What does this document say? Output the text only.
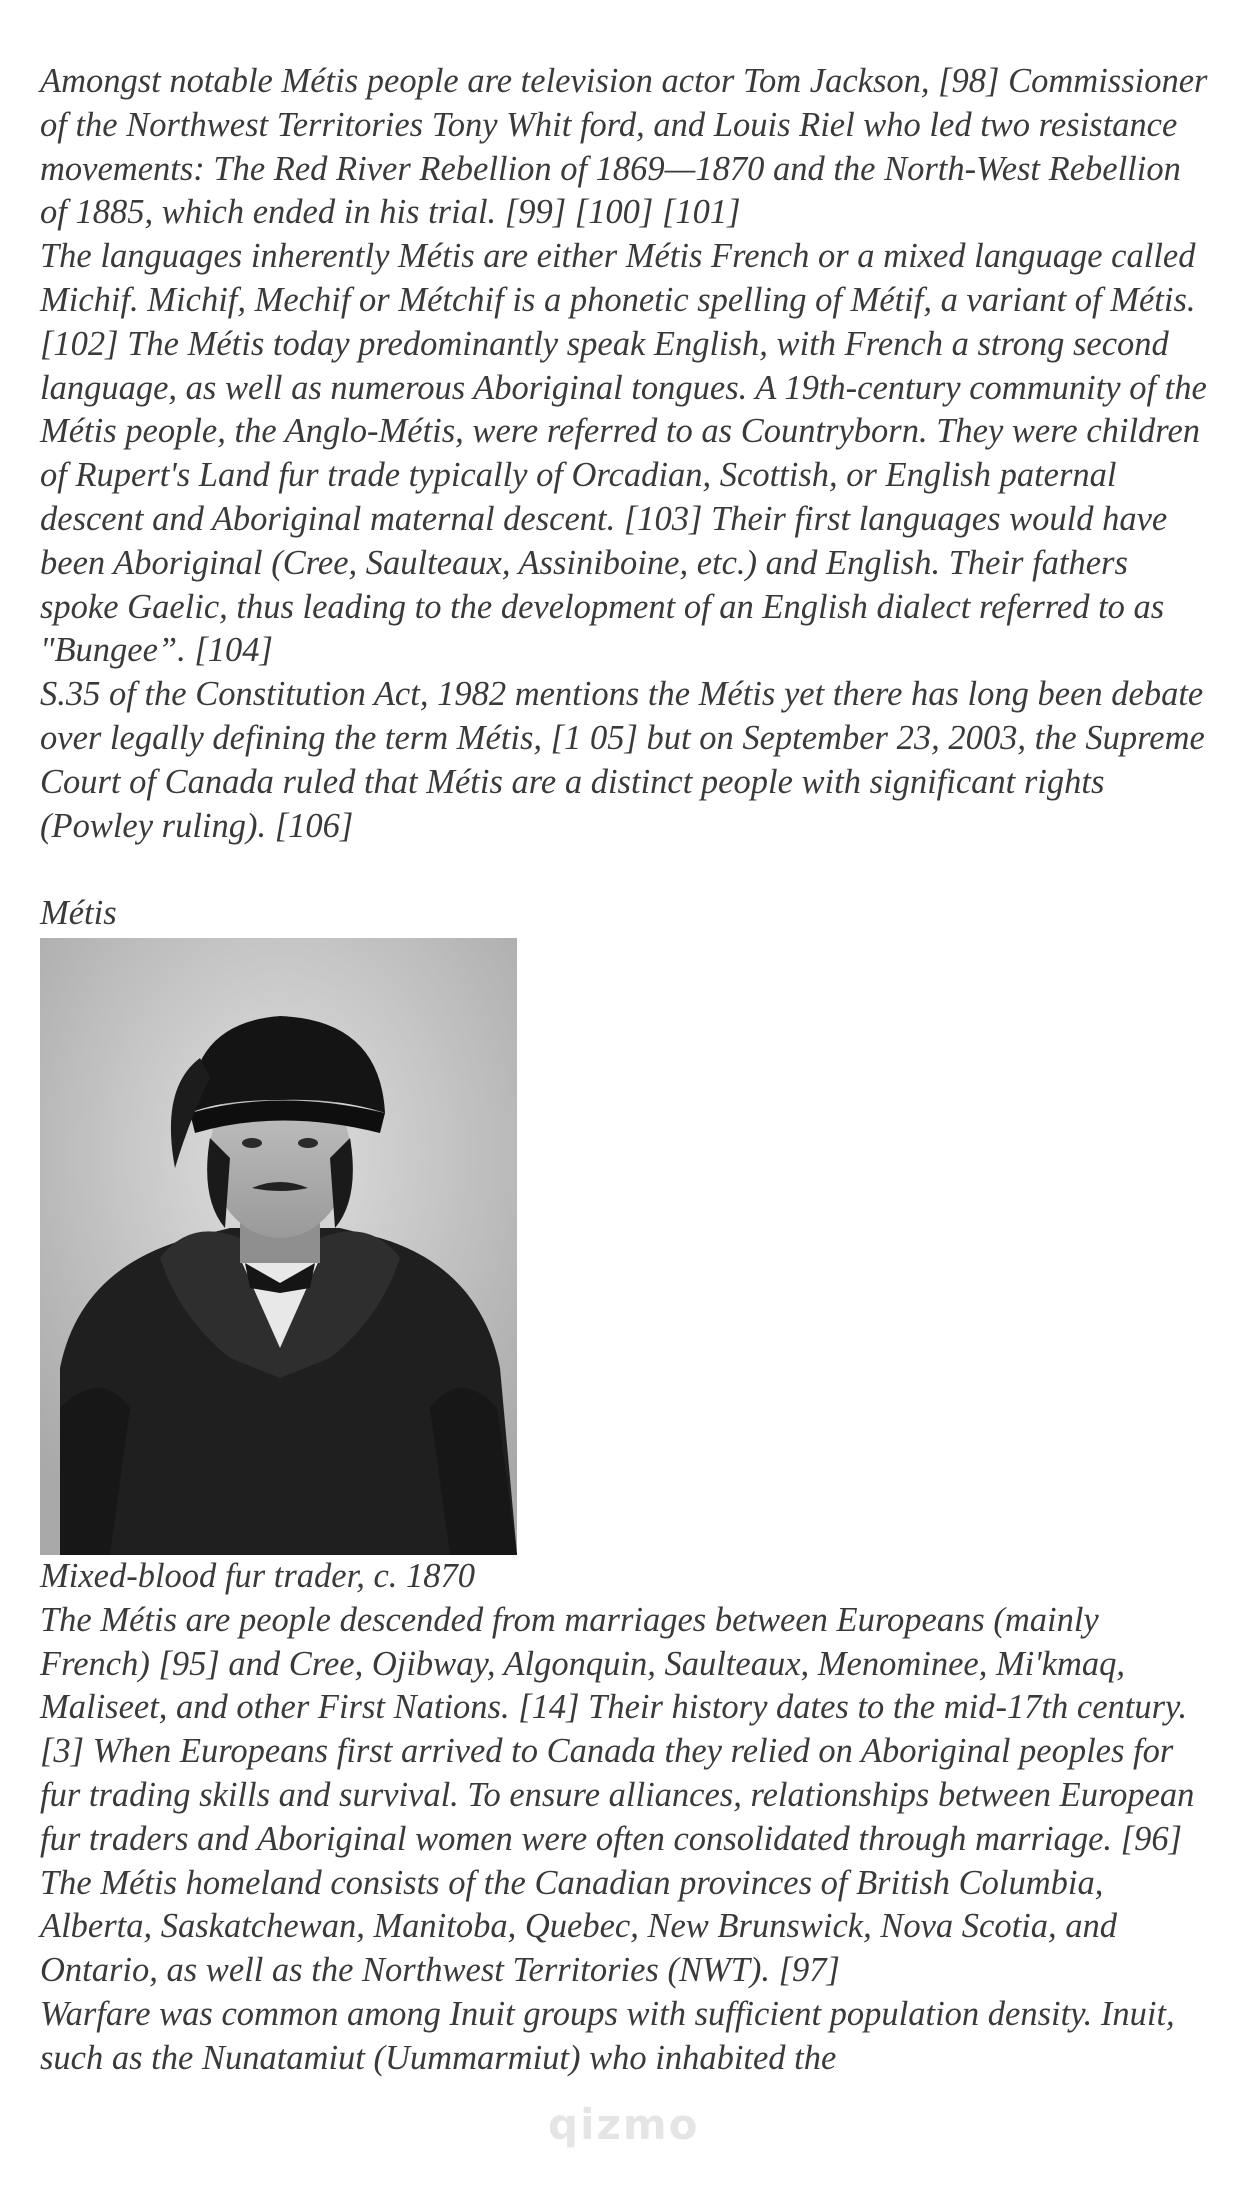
Amongst notable Métis people are television actor Tom Jackson, [98] Commissioner of the Northwest Territories Tony Whit ford, and Louis Riel who led two resistance movements: The Red River Rebellion of 1869—1870 and the North-West Rebellion of 1885, which ended in his trial. [99] [100] [101]

The languages inherently Métis are either Métis French or a mixed language called Michif. Michif, Mechif or Métchif is a phonetic spelling of Métif, a variant of Métis. [102] The Métis today predominantly speak English, with French a strong second language, as well as numerous Aboriginal tongues. A 19th-century community of the Métis people, the Anglo-Métis, were referred to as Countryborn. They were children of Rupert's Land fur trade typically of Orcadian, Scottish, or English paternal descent and Aboriginal maternal descent. [103] Their first languages would have been Aboriginal (Cree, Saulteaux, Assiniboine, etc.) and English. Their fathers spoke Gaelic, thus leading to the development of an English dialect referred to as "Bungee”. [104]

S.35 of the Constitution Act, 1982 mentions the Métis yet there has long been debate over legally defining the term Métis, [1 05] but on September 23, 2003, the Supreme Court of Canada ruled that Métis are a distinct people with significant rights (Powley ruling). [106]

Métis

Mixed-blood fur trader, c. 1870

The Métis are people descended from marriages between Europeans (mainly French) [95] and Cree, Ojibway, Algonquin, Saulteaux, Menominee, Mi'kmaq, Maliseet, and other First Nations. [14] Their history dates to the mid-17th century. [3] When Europeans first arrived to Canada they relied on Aboriginal peoples for fur trading skills and survival. To ensure alliances, relationships between European fur traders and Aboriginal women were often consolidated through marriage. [96] The Métis homeland consists of the Canadian provinces of British Columbia, Alberta, Saskatchewan, Manitoba, Quebec, New Brunswick, Nova Scotia, and Ontario, as well as the Northwest Territories (NWT). [97]

Warfare was common among Inuit groups with sufficient population density. Inuit, such as the Nunatamiut (Uummarmiut) who inhabited the

qizmo
